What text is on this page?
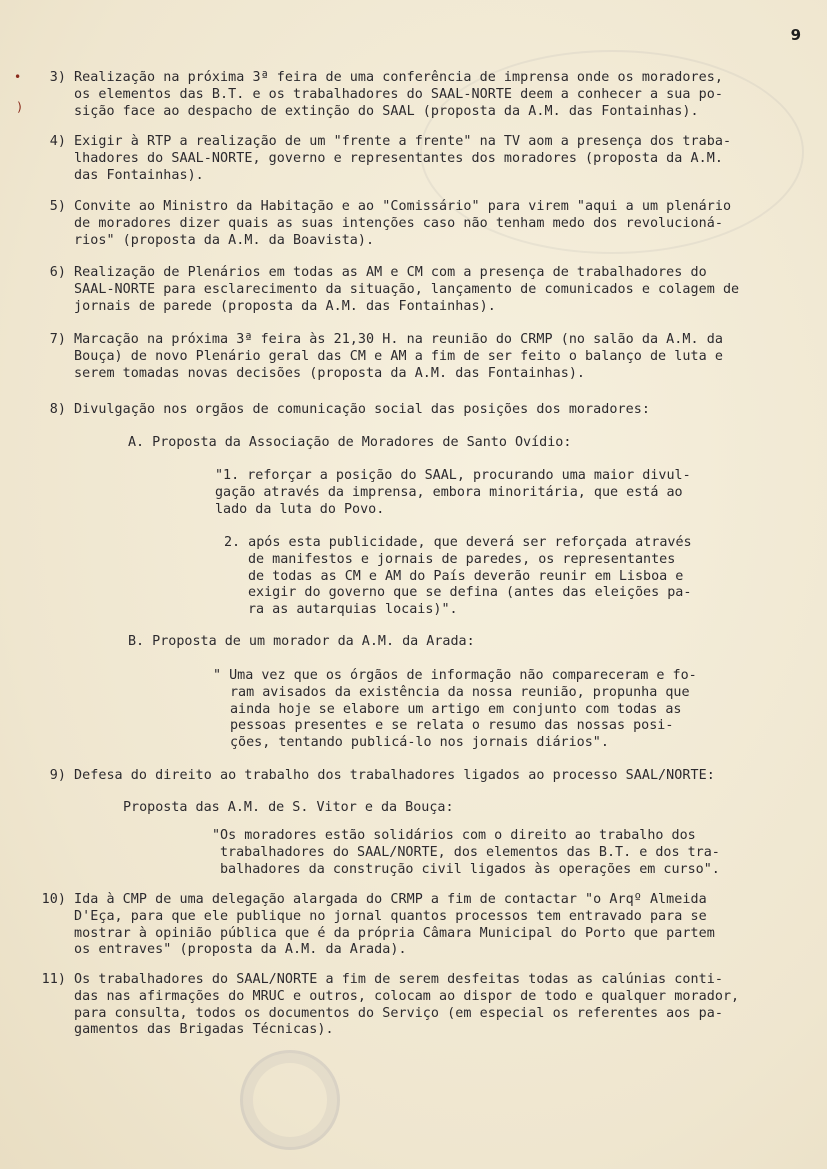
•
)
9
3) Realização na próxima 3ª feira de uma conferência de imprensa onde os moradores,
os elementos das B.T. e os trabalhadores do SAAL-NORTE deem a conhecer a sua po-
sição face ao despacho de extinção do SAAL (proposta da A.M. das Fontainhas).
4) Exigir à RTP a realização de um "frente a frente" na TV aom a presença dos traba-
lhadores do SAAL-NORTE, governo e representantes dos moradores (proposta da A.M.
das Fontainhas).
5) Convite ao Ministro da Habitação e ao "Comissário" para virem "aqui a um plenário
de moradores dizer quais as suas intenções caso não tenham medo dos revolucioná-
rios" (proposta da A.M. da Boavista).
6) Realização de Plenários em todas as AM e CM com a presença de trabalhadores do
SAAL-NORTE para esclarecimento da situação, lançamento de comunicados e colagem de
jornais de parede (proposta da A.M. das Fontainhas).
7) Marcação na próxima 3ª feira às 21,30 H. na reunião do CRMP (no salão da A.M. da
Bouça) de novo Plenário geral das CM e AM a fim de ser feito o balanço de luta e
serem tomadas novas decisões (proposta da A.M. das Fontainhas).
8) Divulgação nos orgãos de comunicação social das posições dos moradores:
A. Proposta da Associação de Moradores de Santo Ovídio:
"1. reforçar a posição do SAAL, procurando uma maior divul-
gação através da imprensa, embora minoritária, que está ao
lado da luta do Povo.
2. após esta publicidade, que deverá ser reforçada através
de manifestos e jornais de paredes, os representantes
de todas as CM e AM do País deverão reunir em Lisboa e
exigir do governo que se defina (antes das eleições pa-
ra as autarquias locais)".
B. Proposta de um morador da A.M. da Arada:
" Uma vez que os órgãos de informação não compareceram e fo-
ram avisados da existência da nossa reunião, propunha que
ainda hoje se elabore um artigo em conjunto com todas as
pessoas presentes e se relata o resumo das nossas posi-
ções, tentando publicá-lo nos jornais diários".
9) Defesa do direito ao trabalho dos trabalhadores ligados ao processo SAAL/NORTE:
Proposta das A.M. de S. Vitor e da Bouça:
"Os moradores estão solidários com o direito ao trabalho dos
trabalhadores do SAAL/NORTE, dos elementos das B.T. e dos tra-
balhadores da construção civil ligados às operações em curso".
10) Ida à CMP de uma delegação alargada do CRMP a fim de contactar "o Arqº Almeida
D'Eça, para que ele publique no jornal quantos processos tem entravado para se
mostrar à opinião pública que é da própria Câmara Municipal do Porto que partem
os entraves" (proposta da A.M. da Arada).
11) Os trabalhadores do SAAL/NORTE a fim de serem desfeitas todas as calúnias conti-
das nas afirmações do MRUC e outros, colocam ao dispor de todo e qualquer morador,
para consulta, todos os documentos do Serviço (em especial os referentes aos pa-
gamentos das Brigadas Técnicas).
